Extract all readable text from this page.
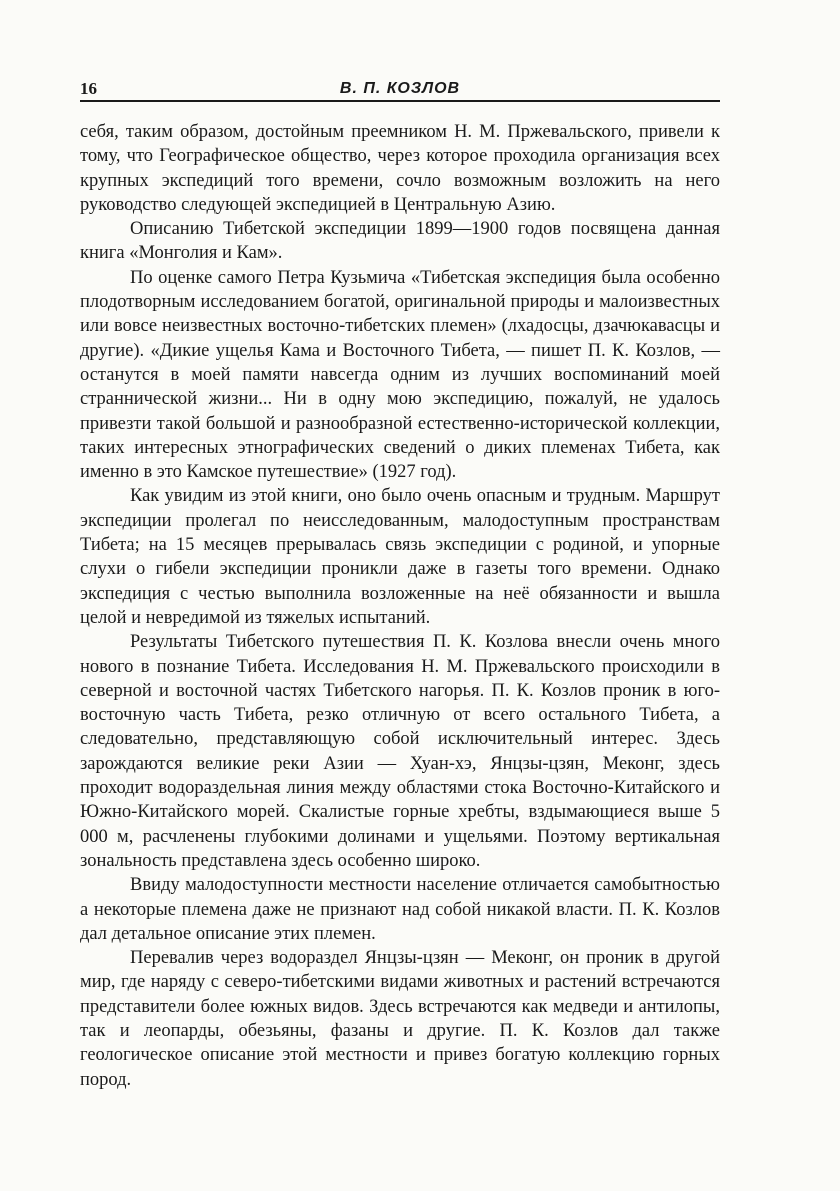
16	В. П. КОЗЛОВ

себя, таким образом, достойным преемником Н. М. Пржевальского, привели к тому, что Географическое общество, через которое проходила организация всех крупных экспедиций того времени, сочло возможным возложить на него руководство следующей экспедицией в Центральную Азию.

Описанию Тибетской экспедиции 1899—1900 годов посвящена данная книга «Монголия и Кам».

По оценке самого Петра Кузьмича «Тибетская экспедиция была особенно плодотворным исследованием богатой, оригинальной природы и малоизвестных или вовсе неизвестных восточно-тибетских племен» (лхадосцы, дзачюкавасцы и другие). «Дикие ущелья Кама и Восточного Тибета, — пишет П. К. Козлов, — останутся в моей памяти навсегда одним из лучших воспоминаний моей страннической жизни... Ни в одну мою экспедицию, пожалуй, не удалось привезти такой большой и разнообразной естественно-исторической коллекции, таких интересных этнографических сведений о диких племенах Тибета, как именно в это Камское путешествие» (1927 год).

Как увидим из этой книги, оно было очень опасным и трудным. Маршрут экспедиции пролегал по неисследованным, малодоступным пространствам Тибета; на 15 месяцев прерывалась связь экспедиции с родиной, и упорные слухи о гибели экспедиции проникли даже в газеты того времени. Однако экспедиция с честью выполнила возложенные на неё обязанности и вышла целой и невредимой из тяжелых испытаний.

Результаты Тибетского путешествия П. К. Козлова внесли очень много нового в познание Тибета. Исследования Н. М. Пржевальского происходили в северной и восточной частях Тибетского нагорья. П. К. Козлов проник в юго-восточную часть Тибета, резко отличную от всего остального Тибета, а следовательно, представляющую собой исключительный интерес. Здесь зарождаются великие реки Азии — Хуан-хэ, Янцзы-цзян, Меконг, здесь проходит водораздельная линия между областями стока Восточно-Китайского и Южно-Китайского морей. Скалистые горные хребты, вздымающиеся выше 5 000 м, расчленены глубокими долинами и ущельями. Поэтому вертикальная зональность представлена здесь особенно широко.

Ввиду малодоступности местности население отличается самобытностью а некоторые племена даже не признают над собой никакой власти. П. К. Козлов дал детальное описание этих племен.

Перевалив через водораздел Янцзы-цзян — Меконг, он проник в другой мир, где наряду с северо-тибетскими видами животных и растений встречаются представители более южных видов. Здесь встречаются как медведи и антилопы, так и леопарды, обезьяны, фазаны и другие. П. К. Козлов дал также геологическое описание этой местности и привез богатую коллекцию горных пород.
